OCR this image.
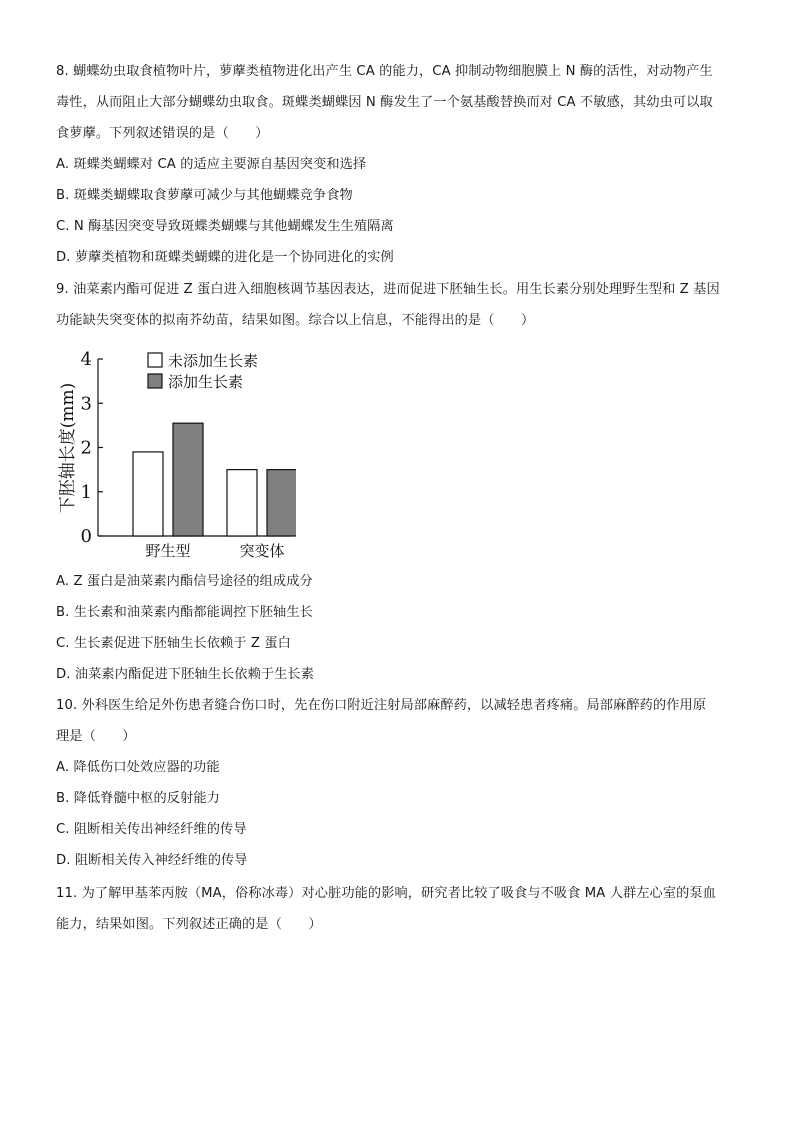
8. 蝴蝶幼虫取食植物叶片，萝藦类植物进化出产生 CA 的能力，CA 抑制动物细胞膜上 N 酶的活性，对动物产生
毒性，从而阻止大部分蝴蝶幼虫取食。斑蝶类蝴蝶因 N 酶发生了一个氨基酸替换而对 CA 不敏感，其幼虫可以取
食萝藦。下列叙述错误的是（　　）
A. 斑蝶类蝴蝶对 CA 的适应主要源自基因突变和选择
B. 斑蝶类蝴蝶取食萝藦可减少与其他蝴蝶竞争食物
C. N 酶基因突变导致斑蝶类蝴蝶与其他蝴蝶发生生殖隔离
D. 萝藦类植物和斑蝶类蝴蝶的进化是一个协同进化的实例
9. 油菜素内酯可促进 Z 蛋白进入细胞核调节基因表达，进而促进下胚轴生长。用生长素分别处理野生型和 Z 基因
功能缺失突变体的拟南芥幼苗，结果如图。综合以上信息，不能得出的是（　　）
0
1
2
3
4
野生型	突变体
未添加生长素
添加生长素
下胚轴长度(mm)
A. Z 蛋白是油菜素内酯信号途径的组成成分
B. 生长素和油菜素内酯都能调控下胚轴生长
C. 生长素促进下胚轴生长依赖于 Z 蛋白
D. 油菜素内酯促进下胚轴生长依赖于生长素
10. 外科医生给足外伤患者缝合伤口时，先在伤口附近注射局部麻醉药，以减轻患者疼痛。局部麻醉药的作用原
理是（　　）
A. 降低伤口处效应器的功能
B. 降低脊髓中枢的反射能力
C. 阻断相关传出神经纤维的传导
D. 阻断相关传入神经纤维的传导
11. 为了解甲基苯丙胺（MA，俗称冰毒）对心脏功能的影响，研究者比较了吸食与不吸食 MA 人群左心室的泵血
能力，结果如图。下列叙述正确的是（　　）
